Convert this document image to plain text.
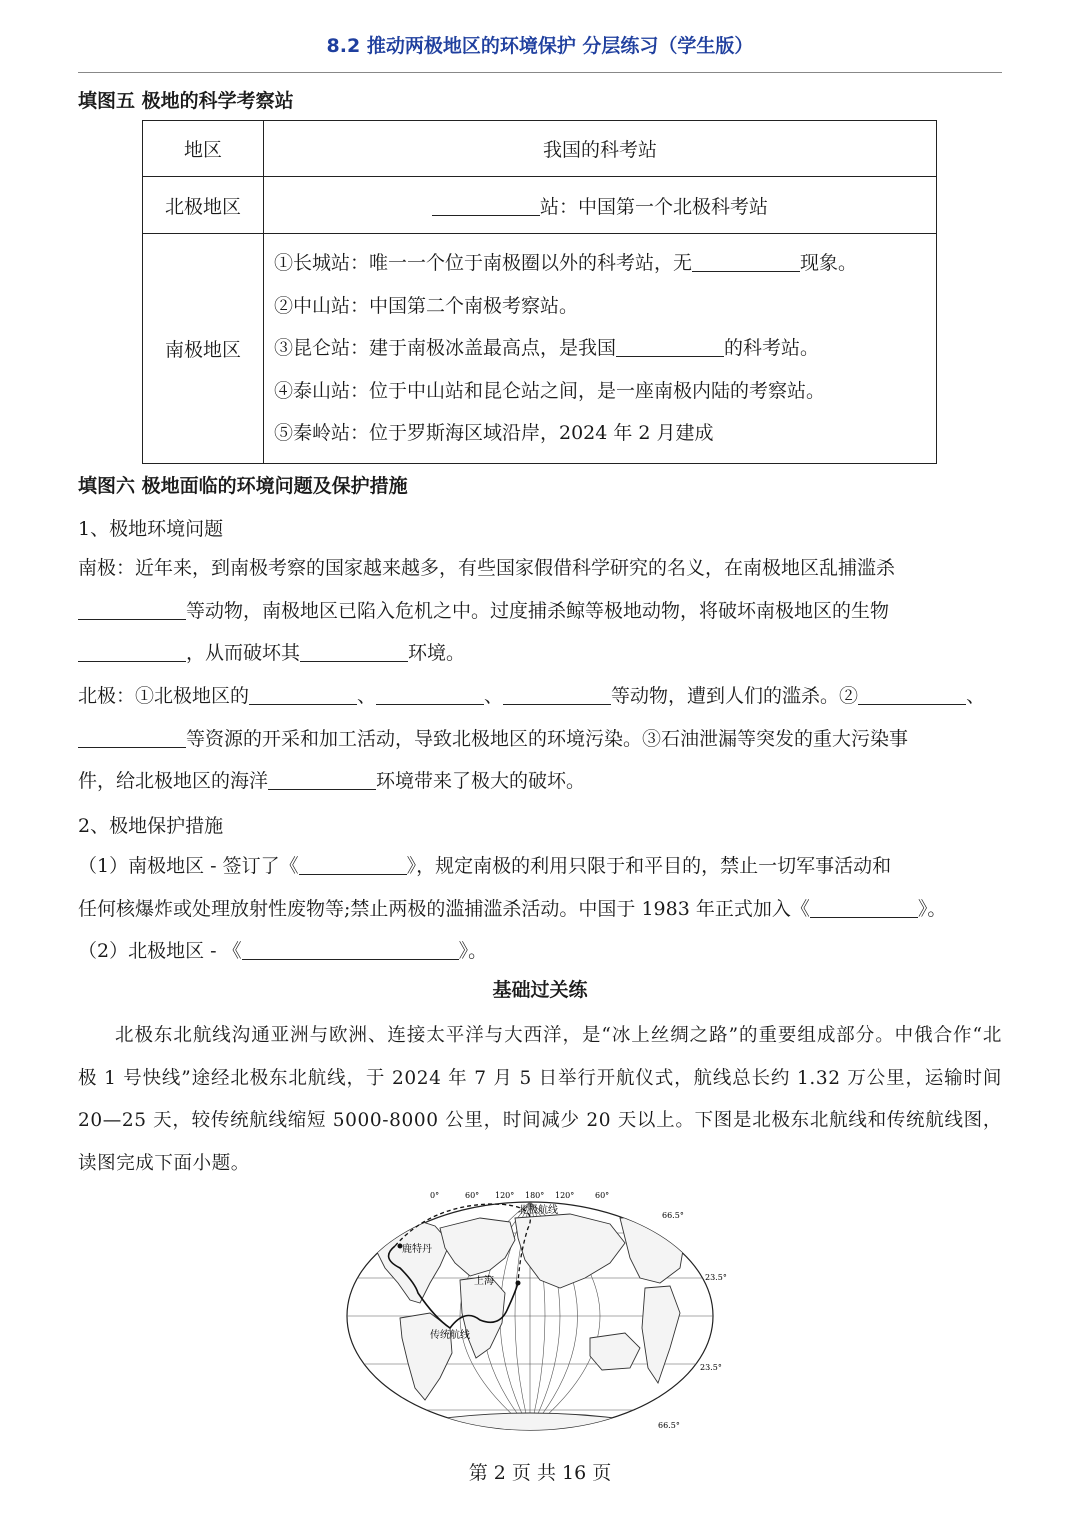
8.2 推动两极地区的环境保护 分层练习（学生版）
填图五 极地的科学考察站
地区	我国的科考站
北极地区	站：中国第一个北极科考站
南极地区	①长城站：唯一一个位于南极圈以外的科考站，无 现象。
②中山站：中国第二个南极考察站。
③昆仑站：建于南极冰盖最高点，是我国 的科考站。
④泰山站：位于中山站和昆仑站之间，是一座南极内陆的考察站。
⑤秦岭站：位于罗斯海区域沿岸，2024 年 2 月建成
填图六 极地面临的环境问题及保护措施
1、极地环境问题
南极：近年来，到南极考察的国家越来越多，有些国家假借科学研究的名义，在南极地区乱捕滥杀
等动物，南极地区已陷入危机之中。过度捕杀鲸等极地动物，将破坏南极地区的生物
，从而破坏其	环境。
北极：①北极地区的	、	、	等动物，遭到人们的滥杀。②	、
等资源的开采和加工活动，导致北极地区的环境污染。③石油泄漏等突发的重大污染事
件，给北极地区的海洋	环境带来了极大的破坏。
2、极地保护措施
（1）南极地区 - 签订了《	》，规定南极的利用只限于和平目的，禁止一切军事活动和
任何核爆炸或处理放射性废物等;禁止两极的滥捕滥杀活动。中国于 1983 年正式加入《	》。
（2）北极地区 - 《	》。
基础过关练

北极东北航线沟通亚洲与欧洲、连接太平洋与大西洋，是“冰上丝绸之路”的重要组成部分。中俄合作“北极 1 号快线”途经北极东北航线，于 2024 年 7 月 5 日举行开航仪式，航线总长约 1.32 万公里，运输时间 20—25 天，较传统航线缩短 5000-8000 公里，时间减少 20 天以上。下图是北极东北航线和传统航线图，读图完成下面小题。

0°	60° 120° 180° 120°	60°
66.5°
23.5°
23.5°
66.5°
北极航线
鹿特丹
上海
传统航线
第 2 页 共 16 页
